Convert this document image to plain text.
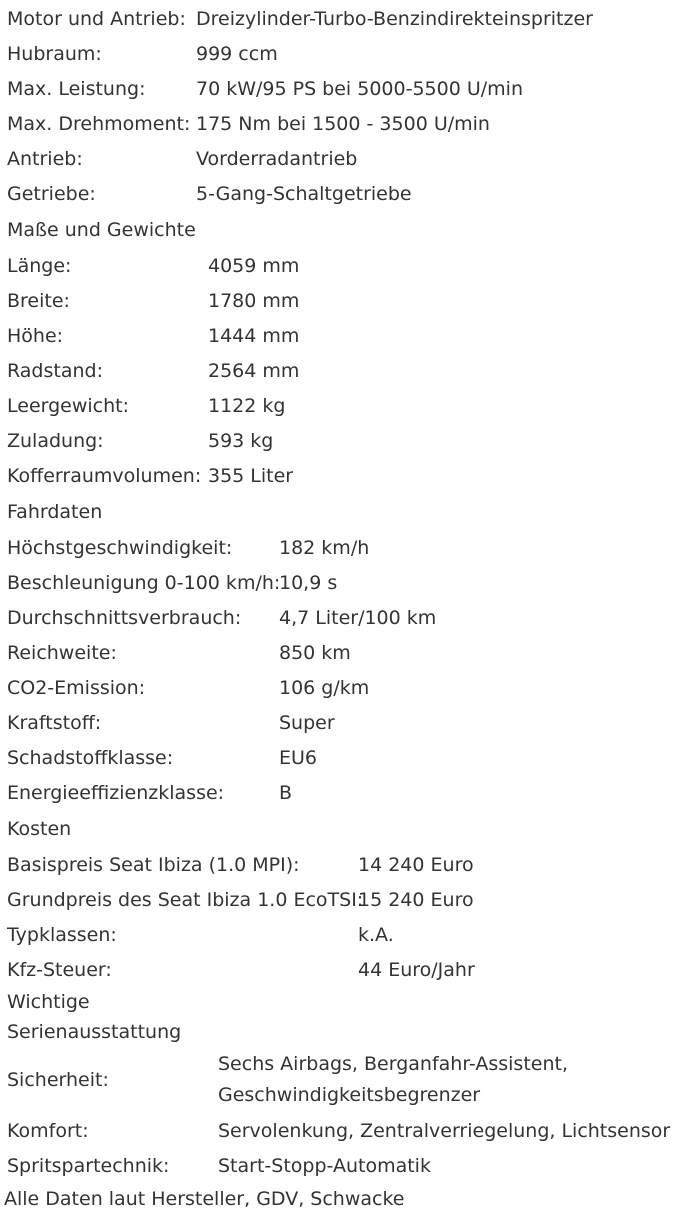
Motor und Antrieb: Dreizylinder-Turbo-Benzindirekteinspritzer
Hubraum:	999 ccm
Max. Leistung:	70 kW/95 PS bei 5000-5500 U/min
Max. Drehmoment: 175 Nm bei 1500 - 3500 U/min
Antrieb:	Vorderradantrieb
Getriebe:	5-Gang-Schaltgetriebe
Maße und Gewichte
Länge:	4059 mm
Breite:	1780 mm
Höhe:	1444 mm
Radstand:	2564 mm
Leergewicht:	1122 kg
Zuladung:	593 kg
Kofferraumvolumen: 355 Liter
Fahrdaten
Höchstgeschwindigkeit:	182 km/h
Beschleunigung 0-100 km/h:
10,9 s
Durchschnittsverbrauch:	4,7 Liter/100 km
Reichweite:	850 km
CO2-Emission:	106 g/km
Kraftstoff:	Super
Schadstoffklasse:	EU6
Energieeffizienzklasse:	B
Kosten
Basispreis Seat Ibiza (1.0 MPI):	14 240 Euro
Grundpreis des Seat Ibiza 1.0 EcoTSI:
15 240 Euro
Typklassen:	k.A.
Kfz-Steuer:	44 Euro/Jahr
Wichtige
Serienausstattung
Sicherheit:
Sechs Airbags, Berganfahr-Assistent, Geschwindigkeitsbegrenzer
Komfort:	Servolenkung, Zentralverriegelung, Lichtsensor
Spritspartechnik:	Start-Stopp-Automatik
Alle Daten laut Hersteller, GDV, Schwacke
